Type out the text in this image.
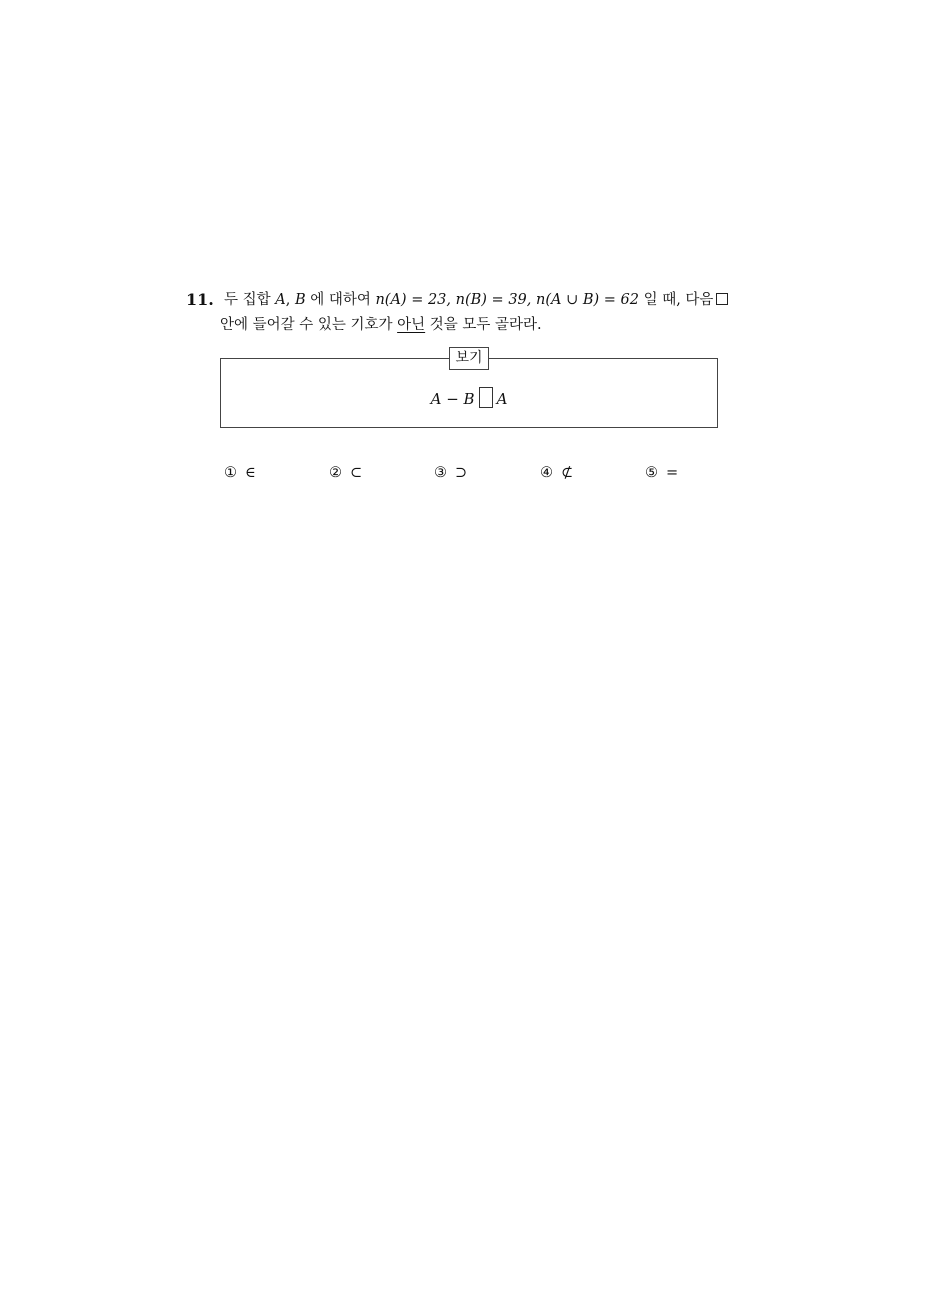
11. 두 집합 A, B 에 대하여 n(A) = 23, n(B) = 39, n(A ∪ B) = 62 일 때, 다음
안에 들어갈 수 있는 기호가 아닌 것을 모두 골라라.
보기
A − B A
① ∈	② ⊂	③ ⊃	④ ⊄	⑤ =
